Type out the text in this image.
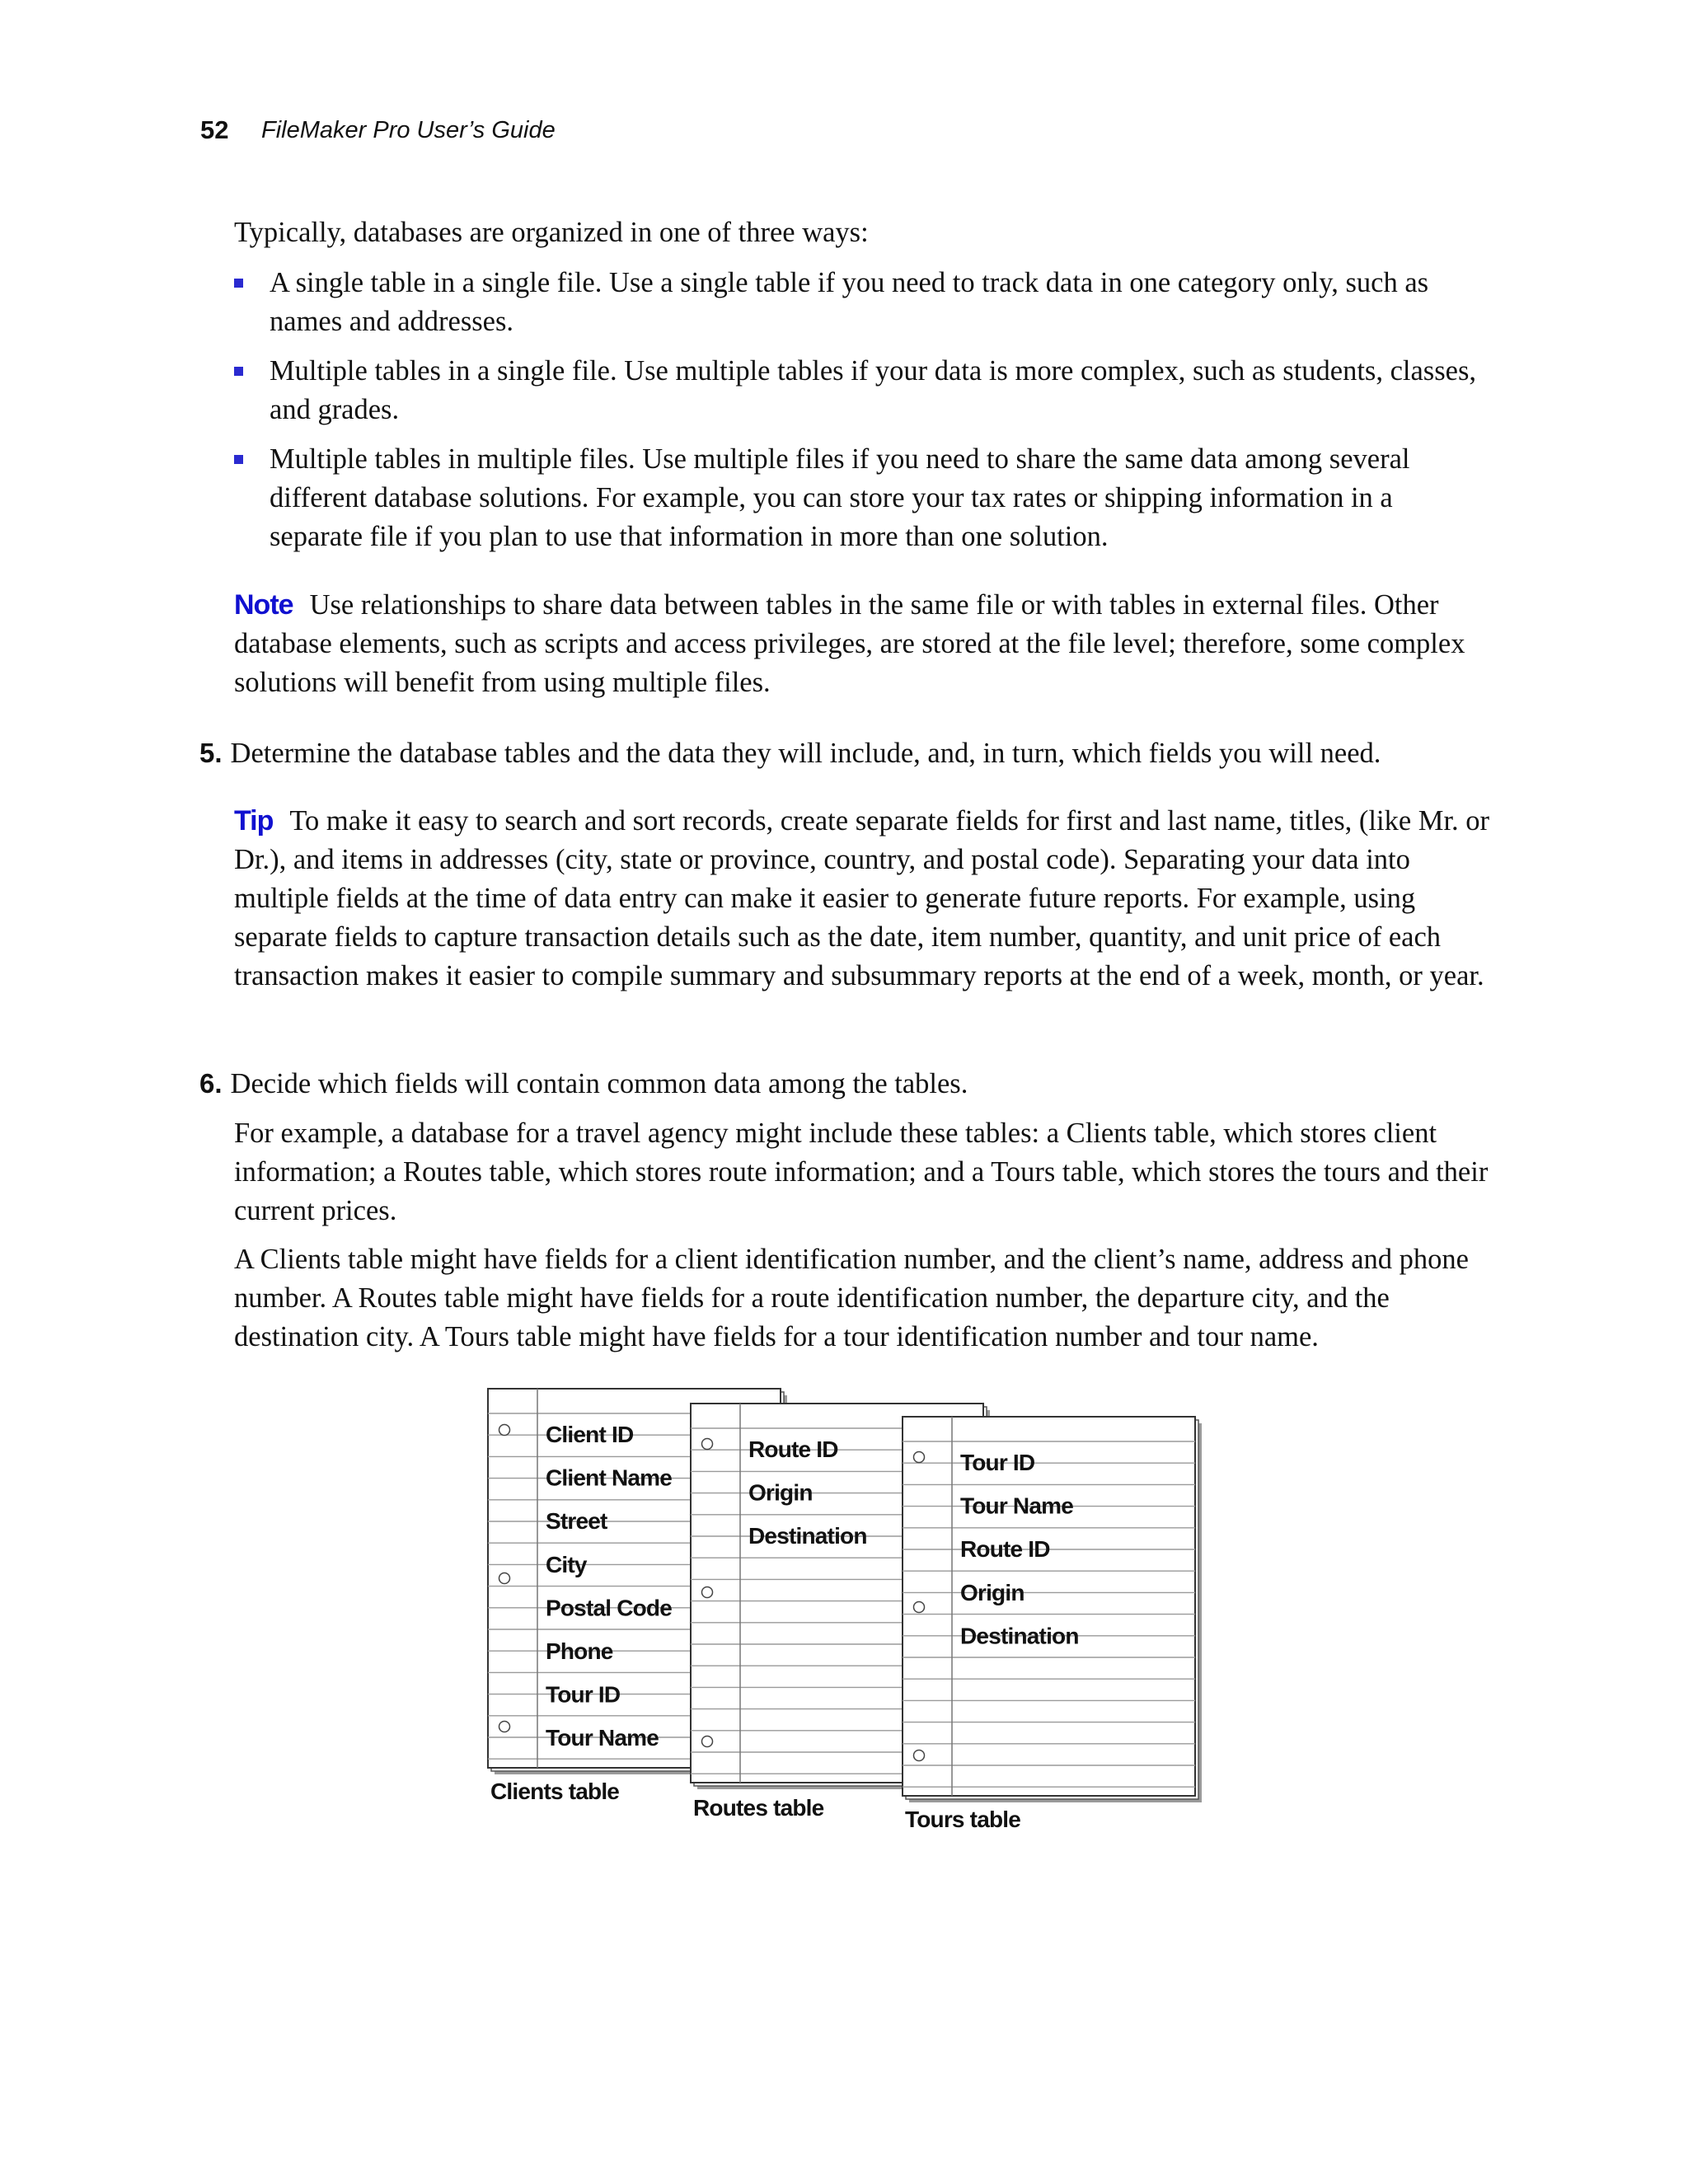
52 FileMaker Pro User’s Guide

Typically, databases are organized in one of three ways:

A single table in a single file. Use a single table if you need to track data in one category only, such as names and addresses.
Multiple tables in a single file. Use multiple tables if your data is more complex, such as students, classes, and grades.
Multiple tables in multiple files. Use multiple files if you need to share the same data among several different database solutions. For example, you can store your tax rates or shipping information in a separate file if you plan to use that information in more than one solution.

Note Use relationships to share data between tables in the same file or with tables in external files. Other database elements, such as scripts and access privileges, are stored at the file level; therefore, some complex solutions will benefit from using multiple files.

5. Determine the database tables and the data they will include, and, in turn, which fields you will need.

Tip To make it easy to search and sort records, create separate fields for first and last name, titles, (like Mr. or Dr.), and items in addresses (city, state or province, country, and postal code). Separating your data into multiple fields at the time of data entry can make it easier to generate future reports. For example, using separate fields to capture transaction details such as the date, item number, quantity, and unit price of each transaction makes it easier to compile summary and subsummary reports at the end of a week, month, or year.

6. Decide which fields will contain common data among the tables.

For example, a database for a travel agency might include these tables: a Clients table, which stores client information; a Routes table, which stores route information; and a Tours table, which stores the tours and their current prices.

A Clients table might have fields for a client identification number, and the client’s name, address and phone number. A Routes table might have fields for a route identification number, the departure city, and the destination city. A Tours table might have fields for a tour identification number and tour name.

Client ID
Client Name
Street
City
Postal Code
Phone
Tour ID
Tour Name
Clients table
Route ID
Origin
Destination
Routes table
Tour ID
Tour Name
Route ID
Origin
Destination
Tours table
